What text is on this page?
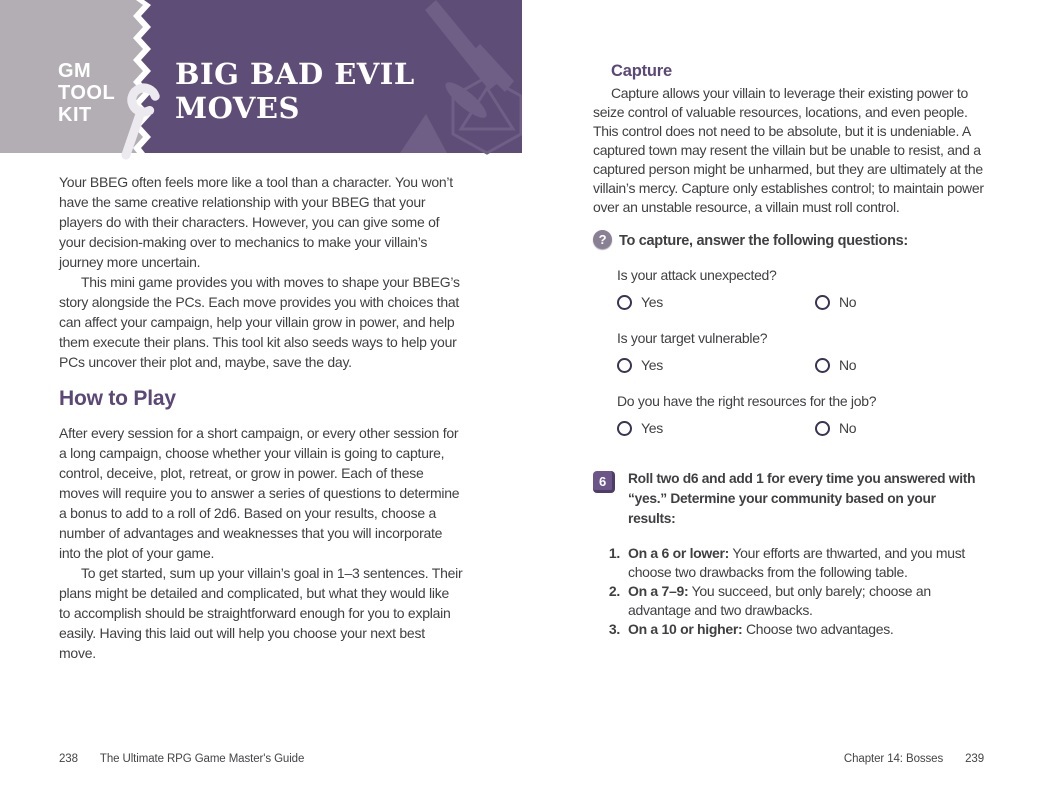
GM
TOOL
KIT
BIG BAD EVIL
MOVES

Your BBEG often feels more like a tool than a character. You won’t have the same creative relationship with your BBEG that your players do with their characters. However, you can give some of your decision-making over to mechanics to make your villain’s journey more uncertain.

This mini game provides you with moves to shape your BBEG’s story alongside the PCs. Each move provides you with choices that can affect your campaign, help your villain grow in power, and help them execute their plans. This tool kit also seeds ways to help your PCs uncover their plot and, maybe, save the day.

How to Play

After every session for a short campaign, or every other session for a long campaign, choose whether your villain is going to capture, control, deceive, plot, retreat, or grow in power. Each of these moves will require you to answer a series of questions to determine a bonus to add to a roll of 2d6. Based on your results, choose a number of advantages and weaknesses that you will incorporate into the plot of your game.

To get started, sum up your villain’s goal in 1–3 sentences. Their plans might be detailed and complicated, but what they would like to accomplish should be straightforward enough for you to explain easily. Having this laid out will help you choose your next best move.

Capture

Capture allows your villain to leverage their existing power to seize control of valuable resources, locations, and even people. This control does not need to be absolute, but it is undeniable. A captured town may resent the villain but be unable to resist, and a captured person might be unharmed, but they are ultimately at the villain’s mercy. Capture only establishes control; to maintain power over an unstable resource, a villain must roll control.

? To capture, answer the following questions:

Is your attack unexpected?

Yes	No

Is your target vulnerable?

Yes	No

Do you have the right resources for the job?

Yes	No
6	Roll two d6 and add 1 for every time you answered with “yes.” Determine your community based on your results:
1. On a 6 or lower: Your efforts are thwarted, and you must choose two drawbacks from the following table.
2. On a 7–9: You succeed, but only barely; choose an advantage and two drawbacks.
3. On a 10 or higher: Choose two advantages.
238 The Ultimate RPG Game Master's Guide	Chapter 14: Bosses 239
